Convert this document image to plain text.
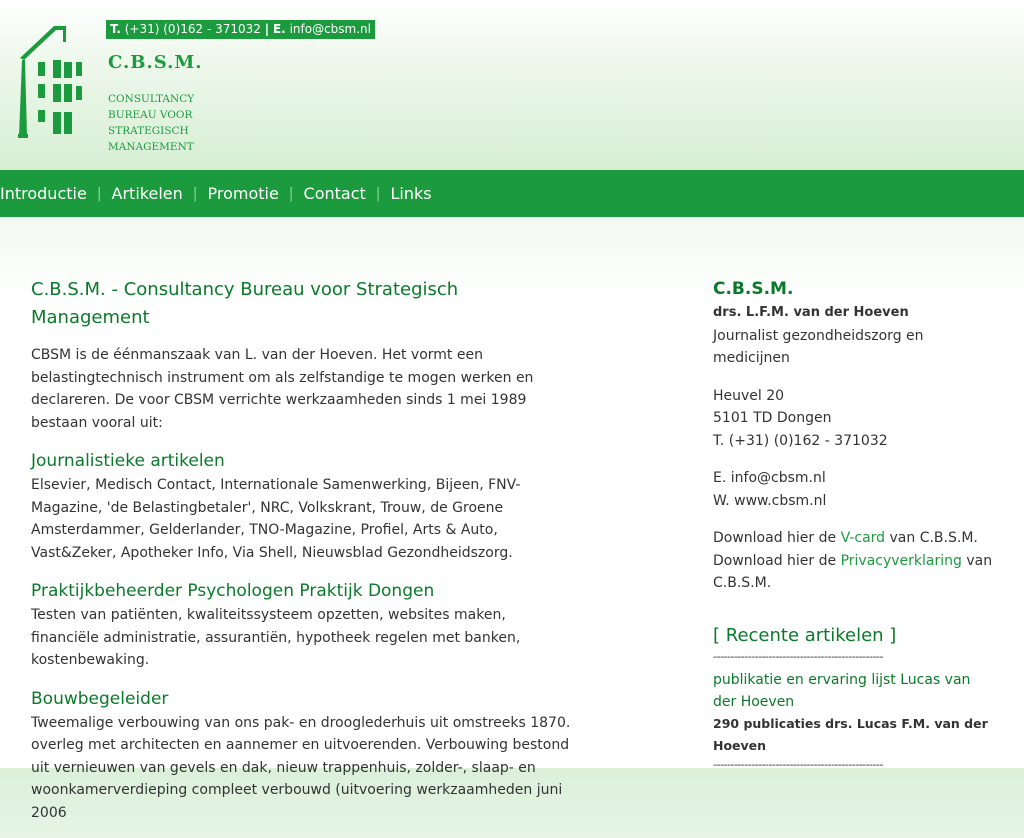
T. (+31) (0)162 - 371032 | E. info@cbsm.nl
C.B.S.M.
CONSULTANCY
BUREAU VOOR
STRATEGISCH
MANAGEMENT
Introductie | Artikelen | Promotie | Contact | Links
C.B.S.M. - Consultancy Bureau voor Strategisch Management

CBSM is de éénmanszaak van L. van der Hoeven. Het vormt een belastingtechnisch instrument om als zelfstandige te mogen werken en declareren. De voor CBSM verrichte werkzaamheden sinds 1 mei 1989 bestaan vooral uit:

Journalistieke artikelen

Elsevier, Medisch Contact, Internationale Samenwerking, Bijeen, FNV-Magazine, 'de Belastingbetaler', NRC, Volkskrant, Trouw, de Groene Amsterdammer, Gelderlander, TNO-Magazine, Profiel, Arts & Auto, Vast&Zeker, Apotheker Info, Via Shell, Nieuwsblad Gezondheidszorg.

Praktijkbeheerder Psychologen Praktijk Dongen

Testen van patiënten, kwaliteitssysteem opzetten, websites maken, financiële administratie, assurantiën, hypotheek regelen met banken, kostenbewaking.

Bouwbegeleider

Tweemalige verbouwing van ons pak- en drooglederhuis uit omstreeks 1870. overleg met architecten en aannemer en uitvoerenden. Verbouwing bestond uit vernieuwen van gevels en dak, nieuw trappenhuis, zolder-, slaap- en woonkamerverdieping compleet verbouwd (uitvoering werkzaamheden juni 2006

C.B.S.M.
drs. L.F.M. van der Hoeven
Journalist gezondheidszorg en medicijnen
Heuvel 20
5101 TD Dongen
T. (+31) (0)162 - 371032
E. info@cbsm.nl
W. www.cbsm.nl
Download hier de V-card van C.B.S.M.
Download hier de Privacyverklaring van C.B.S.M.
[ Recente artikelen ]
-------------------------------------------------
publikatie en ervaring lijst Lucas van der Hoeven
290 publicaties drs. Lucas F.M. van der Hoeven
-------------------------------------------------
